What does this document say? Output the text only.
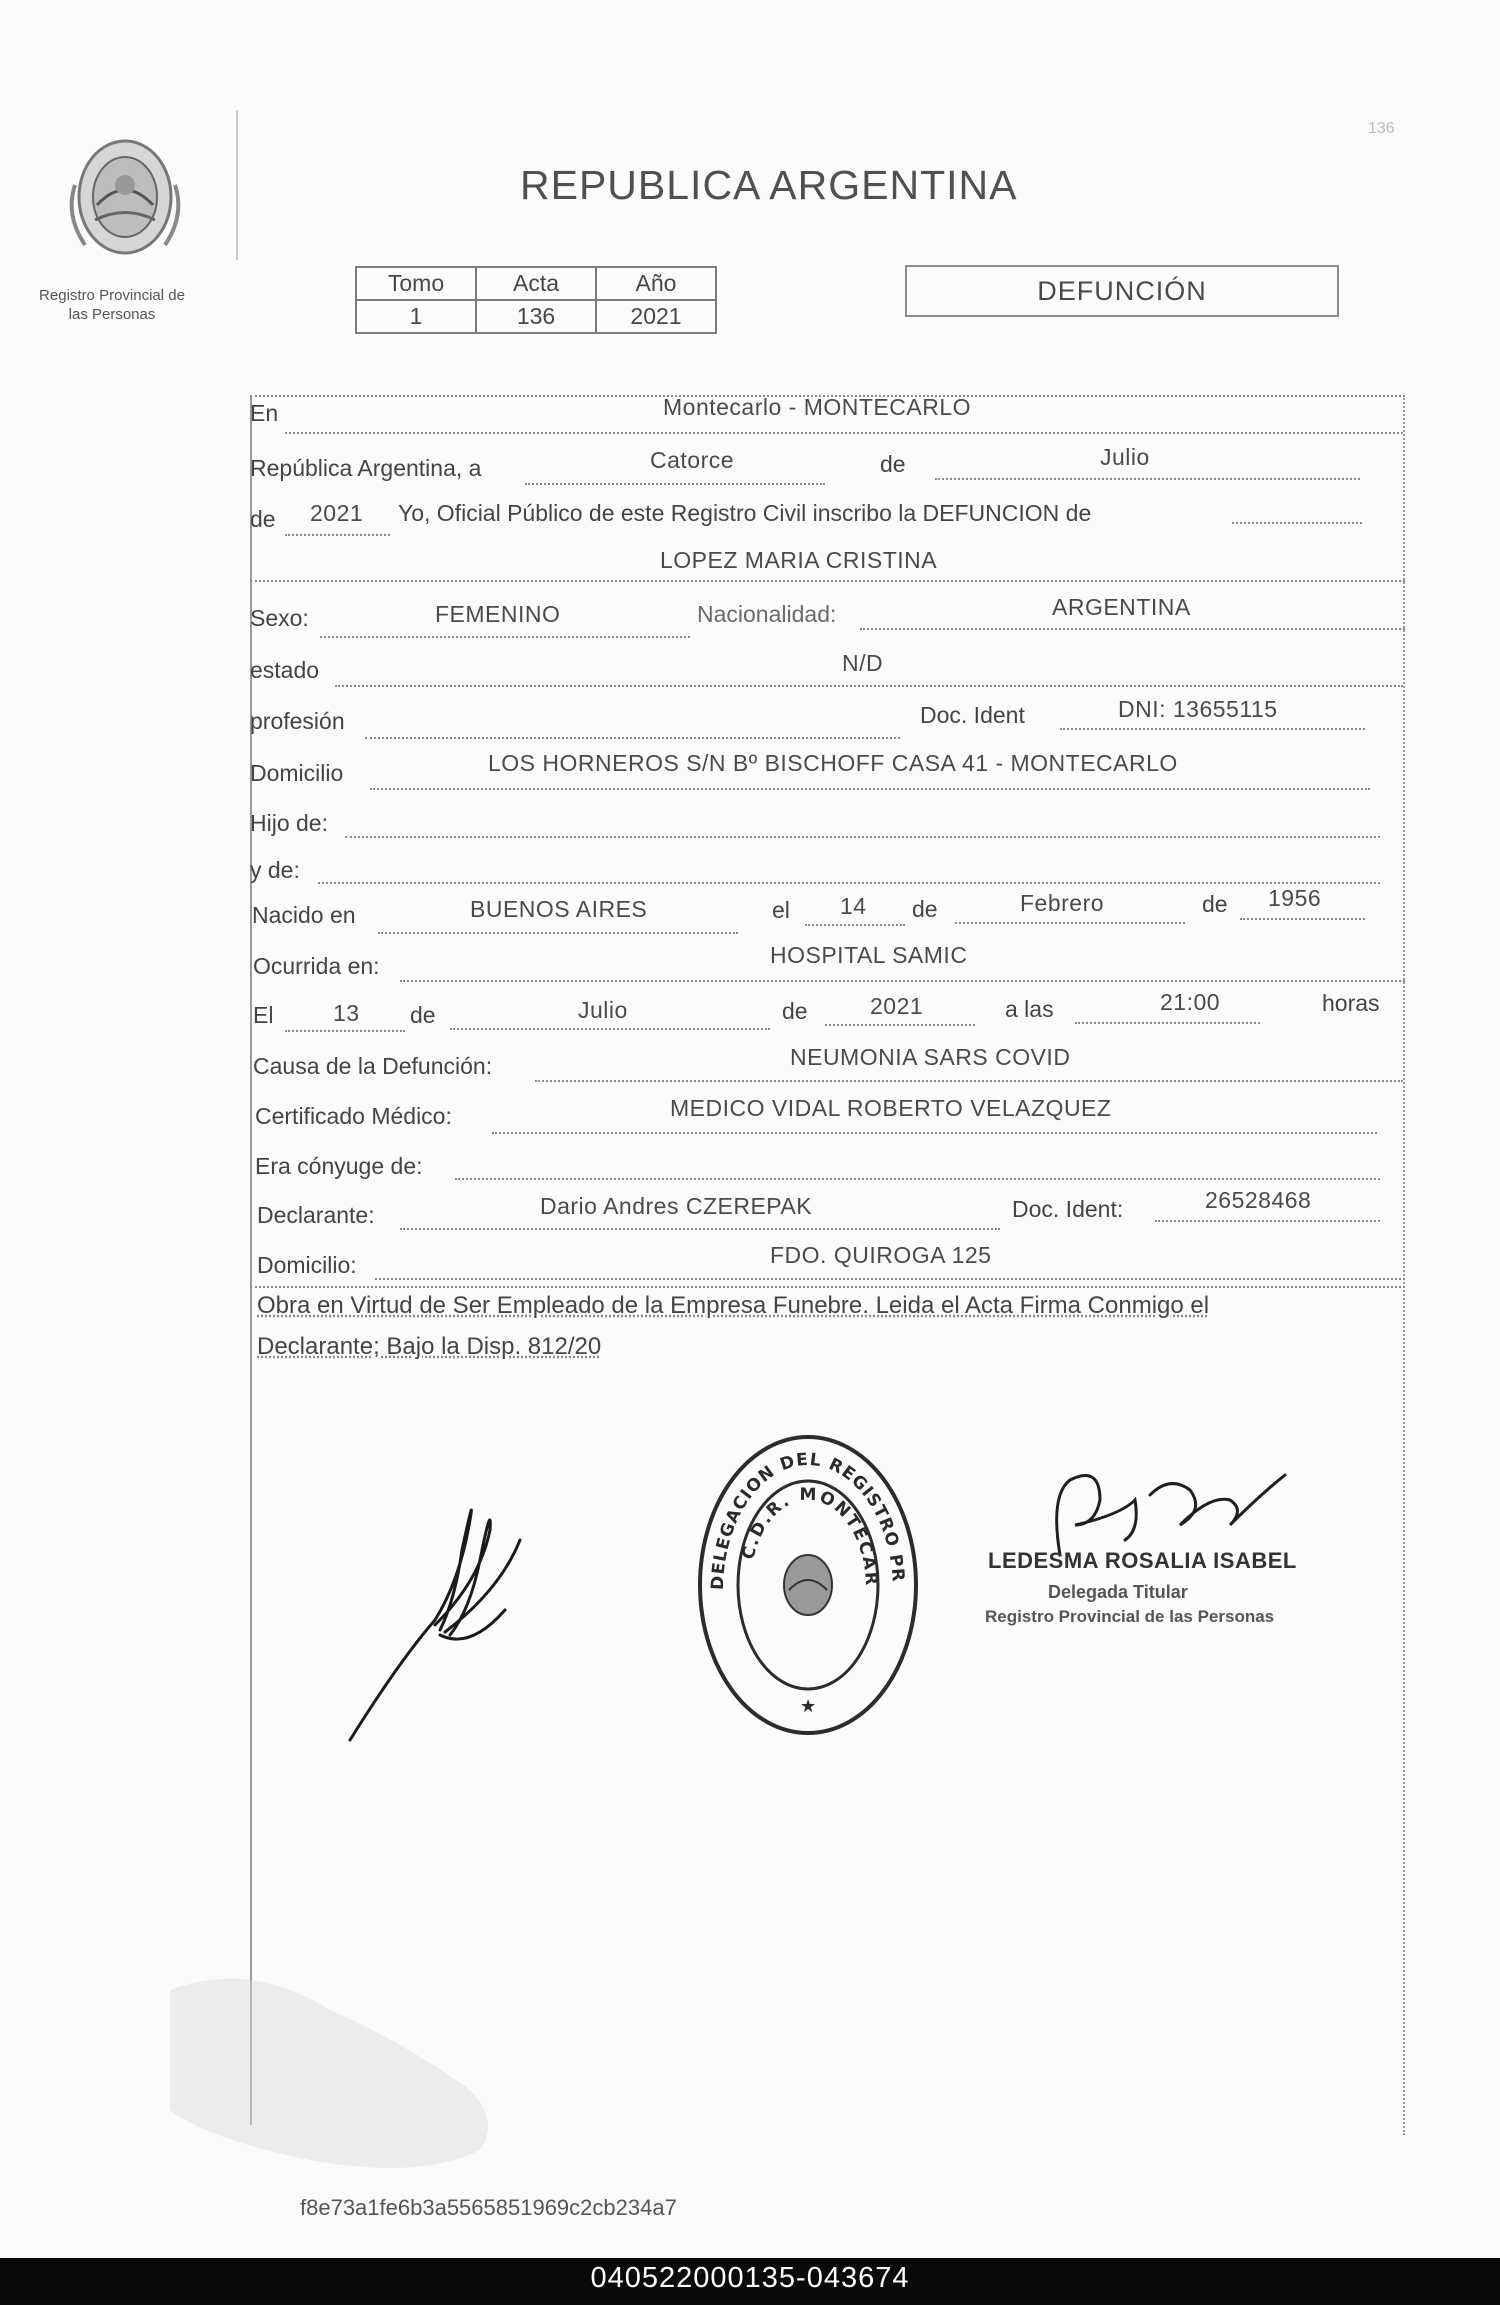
Registro Provincial de
las Personas
136
REPUBLICA ARGENTINA
Tomo	Acta	Año
1	136	2021
DEFUNCIÓN
En	Montecarlo - MONTECARLO
República Argentina, a	Catorce	de	Julio
de 2021 Yo, Oficial Público de este Registro Civil inscribo la DEFUNCION de
LOPEZ MARIA CRISTINA
Sexo:	FEMENINO	Nacionalidad:	ARGENTINA
estado	N/D
profesión	Doc. Ident	DNI: 13655115
Domicilio	LOS HORNEROS S/N Bº BISCHOFF CASA 41 - MONTECARLO
Hijo de:
y de:
Nacido en	BUENOS AIRES	el 14 de	Febrero	de 1956
Ocurrida en:	HOSPITAL SAMIC
El	13 de	Julio	de	2021	a las	21:00	horas
Causa de la Defunción:	NEUMONIA SARS COVID
Certificado Médico:	MEDICO VIDAL ROBERTO VELAZQUEZ
Era cónyuge de:
Declarante:	Dario Andres CZEREPAK	Doc. Ident:	26528468
Domicilio:	FDO. QUIROGA 125
Obra en Virtud de Ser Empleado de la Empresa Funebre. Leida el Acta Firma Conmigo el
Declarante; Bajo la Disp. 812/20
DELEGACION DEL REGISTRO PR
C.D.R. MONTECAR
★
LEDESMA ROSALIA ISABEL
Delegada Titular
Registro Provincial de las Personas
f8e73a1fe6b3a5565851969c2cb234a7
040522000135-043674
